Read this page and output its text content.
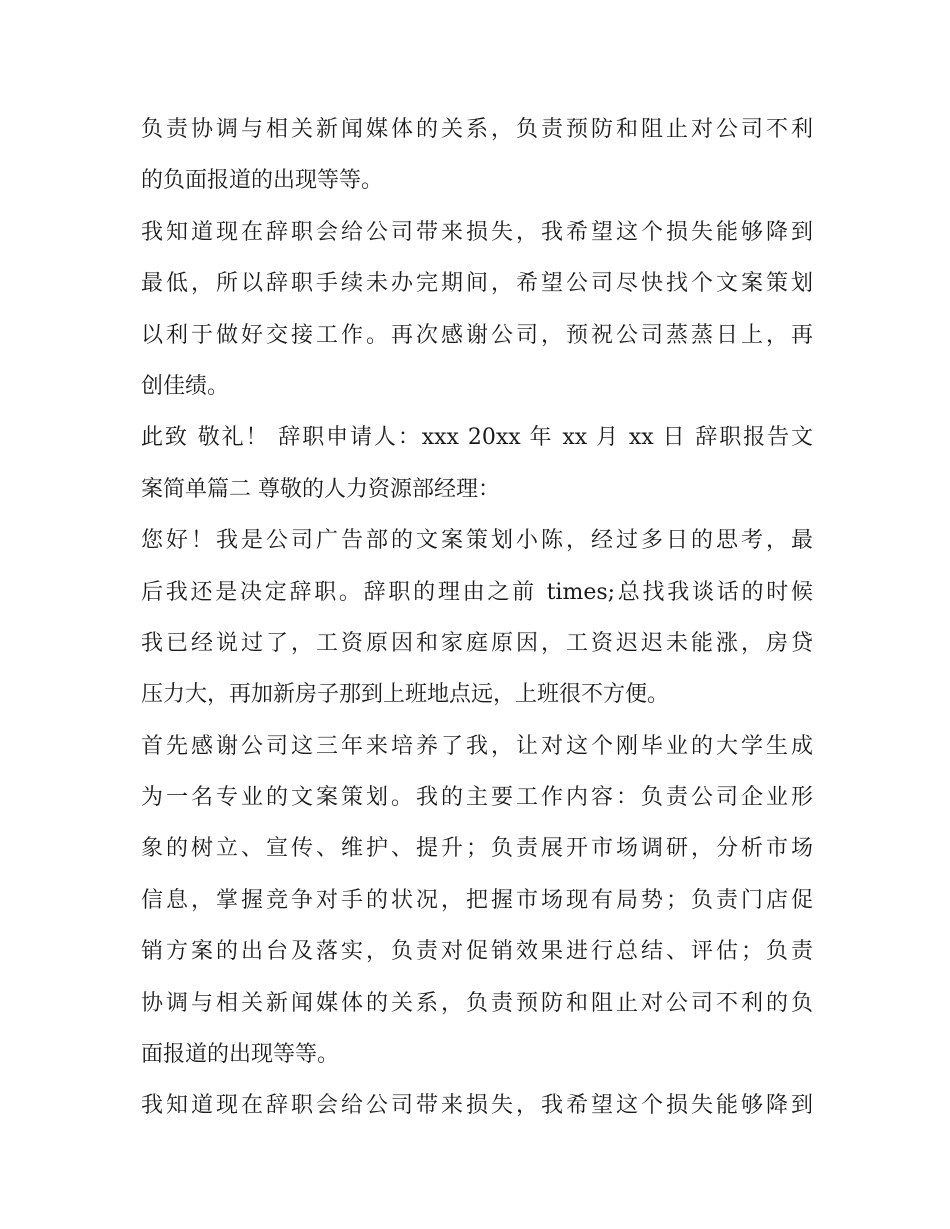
负责协调与相关新闻媒体的关系，负责预防和阻止对公司不利
的负面报道的出现等等。
我知道现在辞职会给公司带来损失，我希望这个损失能够降到
最低，所以辞职手续未办完期间，希望公司尽快找个文案策划
以利于做好交接工作。再次感谢公司，预祝公司蒸蒸日上，再
创佳绩。
此致 敬礼！ 辞职申请人：xxx 20xx 年 xx 月 xx 日 辞职报告文
案简单篇二 尊敬的人力资源部经理：
您好！我是公司广告部的文案策划小陈，经过多日的思考，最
后我还是决定辞职。辞职的理由之前 times;总找我谈话的时候
我已经说过了，工资原因和家庭原因，工资迟迟未能涨，房贷
压力大，再加新房子那到上班地点远，上班很不方便。
首先感谢公司这三年来培养了我，让对这个刚毕业的大学生成
为一名专业的文案策划。我的主要工作内容：负责公司企业形
象的树立、宣传、维护、提升；负责展开市场调研，分析市场
信息，掌握竞争对手的状况，把握市场现有局势；负责门店促
销方案的出台及落实，负责对促销效果进行总结、评估；负责
协调与相关新闻媒体的关系，负责预防和阻止对公司不利的负
面报道的出现等等。
我知道现在辞职会给公司带来损失，我希望这个损失能够降到
